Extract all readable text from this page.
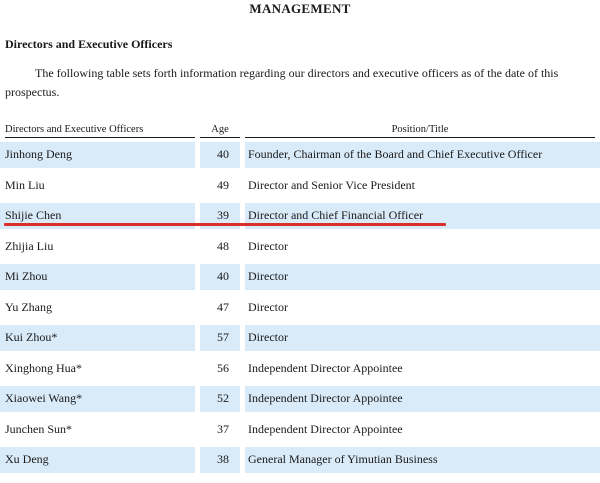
MANAGEMENT
Directors and Executive Officers
The following table sets forth information regarding our directors and executive officers as of the date of this prospectus.
Directors and Executive Officers	Age	Position/Title
Jinhong Deng	40 Founder, Chairman of the Board and Chief Executive Officer
Min Liu	49 Director and Senior Vice President
Shijie Chen	39 Director and Chief Financial Officer
Zhijia Liu	48 Director
Mi Zhou	40 Director
Yu Zhang	47 Director
Kui Zhou*	57 Director
Xinghong Hua*	56 Independent Director Appointee
Xiaowei Wang*	52 Independent Director Appointee
Junchen Sun*	37 Independent Director Appointee
Xu Deng	38 General Manager of Yimutian Business
